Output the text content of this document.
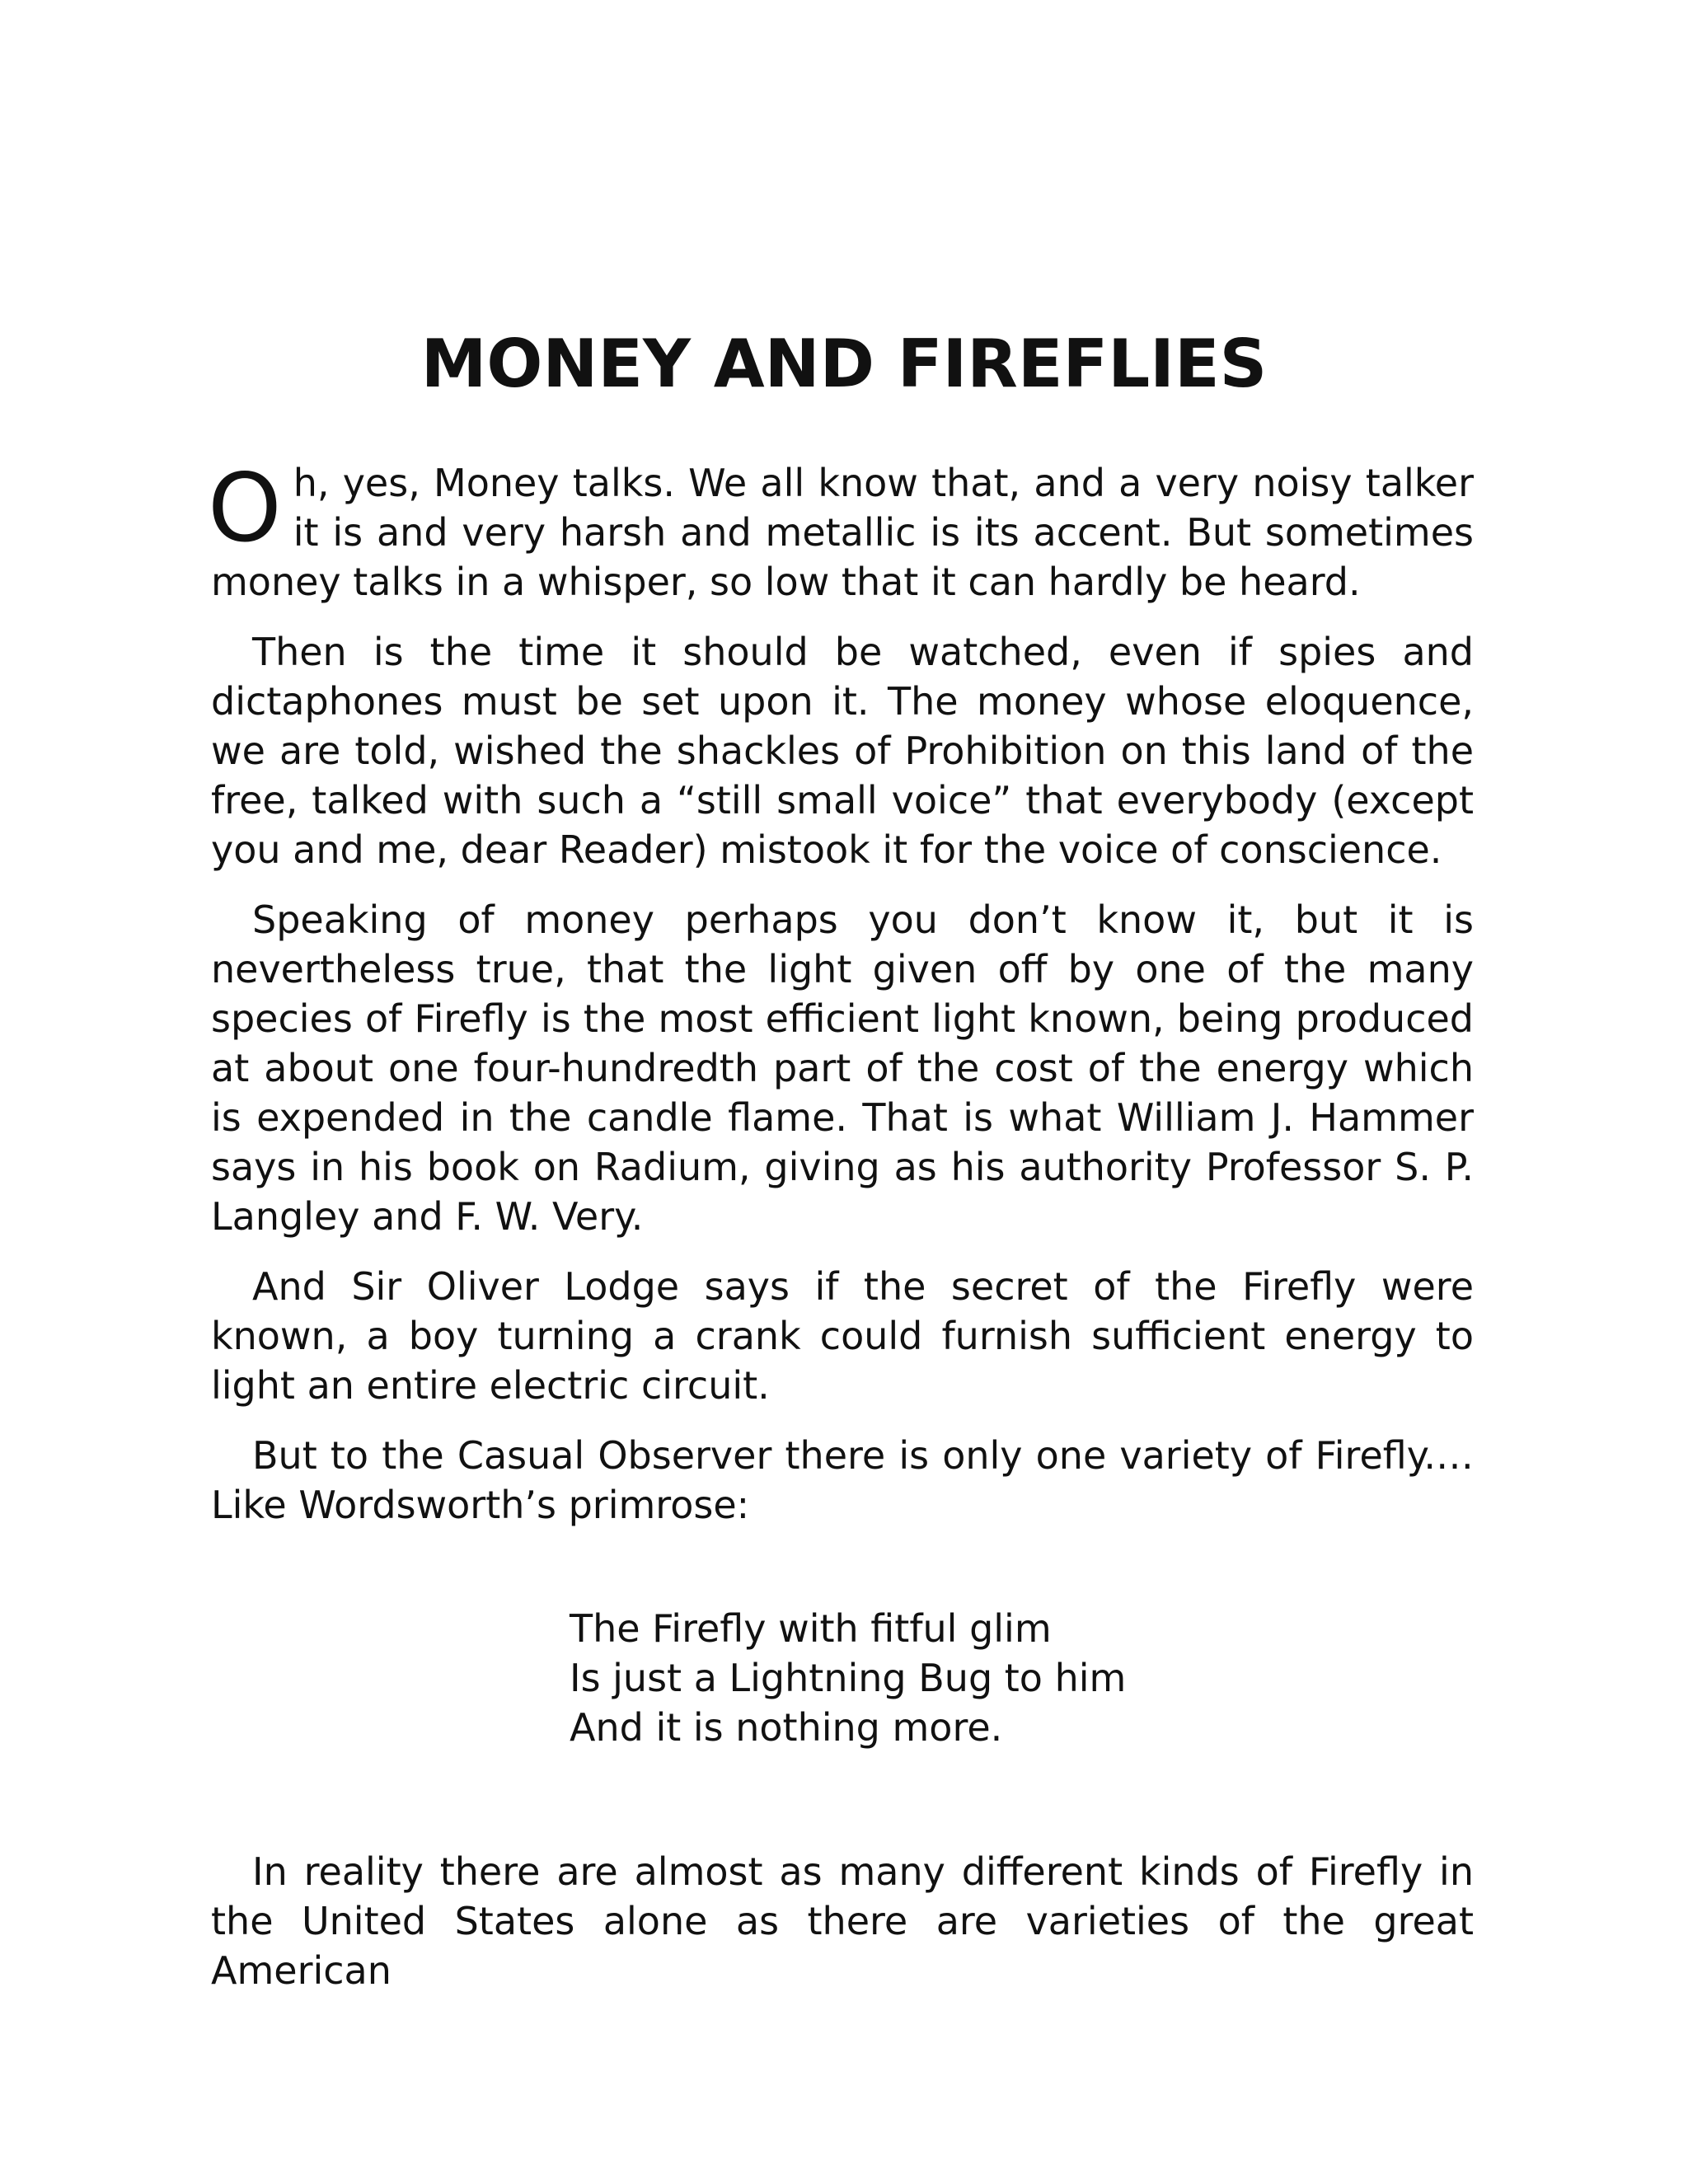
MONEY AND FIREFLIES

Oh, yes, Money talks. We all know that, and a very noisy talker it is and very harsh and metallic is its accent. But sometimes money talks in a whisper, so low that it can hardly be heard.

Then is the time it should be watched, even if spies and dictaphones must be set upon it. The money whose eloquence, we are told, wished the shackles of Prohibition on this land of the free, talked with such a “still small voice” that everybody (except you and me, dear Reader) mistook it for the voice of conscience.

Speaking of money perhaps you don’t know it, but it is nevertheless true, that the light given off by one of the many species of Firefly is the most efficient light known, being produced at about one four-hundredth part of the cost of the energy which is expended in the candle flame. That is what William J. Hammer says in his book on Radium, giving as his authority Professor S. P. Langley and F. W. Very.

And Sir Oliver Lodge says if the secret of the Firefly were known, a boy turning a crank could furnish sufficient energy to light an entire electric circuit.

But to the Casual Observer there is only one variety of Firefly.… Like Wordsworth’s primrose:

The Firefly with fitful glim
Is just a Lightning Bug to him
And it is nothing more.

In reality there are almost as many different kinds of Firefly in the United States alone as there are varieties of the great American
